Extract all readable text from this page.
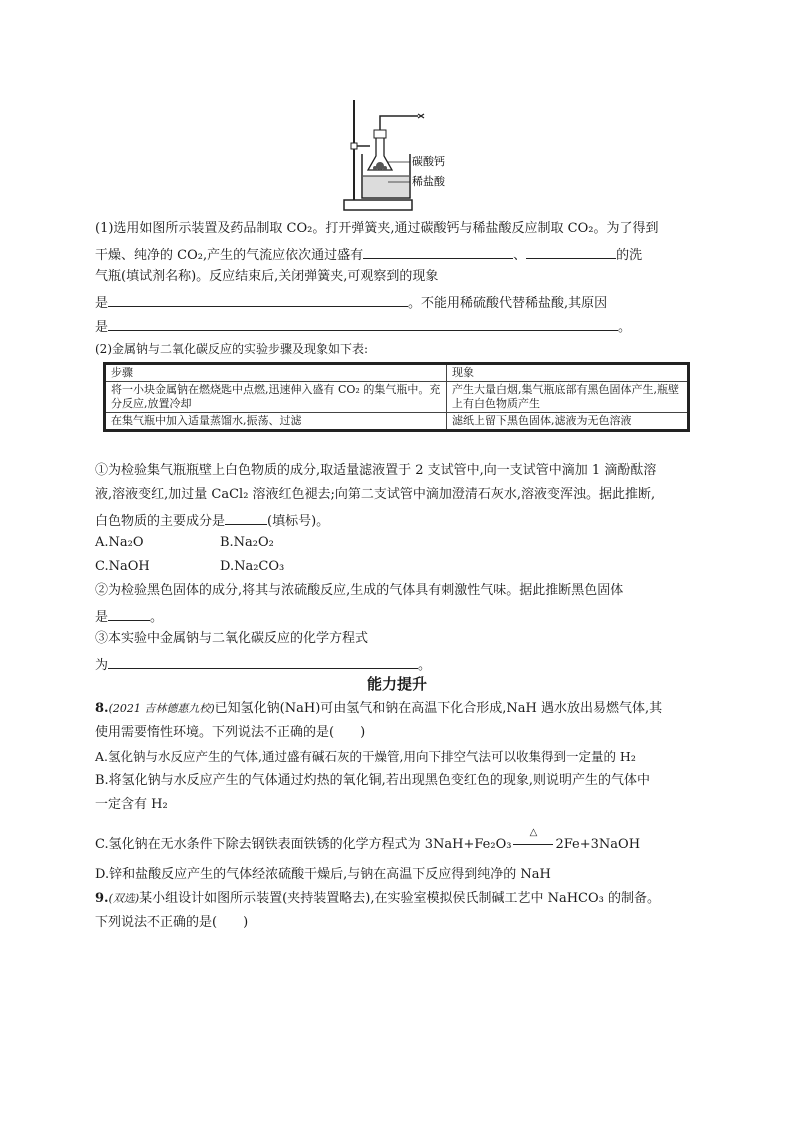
碳酸钙
稀盐酸
(1)选用如图所示装置及药品制取 CO₂。打开弹簧夹,通过碳酸钙与稀盐酸反应制取 CO₂。为了得到
干燥、纯净的 CO₂,产生的气流应依次通过盛有	、	的洗
气瓶(填试剂名称)。反应结束后,关闭弹簧夹,可观察到的现象
是	。不能用稀硫酸代替稀盐酸,其原因
是	。
(2)金属钠与二氧化碳反应的实验步骤及现象如下表:
步骤	现象
将一小块金属钠在燃烧匙中点燃,迅速伸入盛有 CO₂ 的集气瓶中。充分反应,放置冷却	产生大量白烟,集气瓶底部有黑色固体产生,瓶壁上有白色物质产生
在集气瓶中加入适量蒸馏水,振荡、过滤	滤纸上留下黑色固体,滤液为无色溶液
①为检验集气瓶瓶壁上白色物质的成分,取适量滤液置于 2 支试管中,向一支试管中滴加 1 滴酚酞溶
液,溶液变红,加过量 CaCl₂ 溶液红色褪去;向第二支试管中滴加澄清石灰水,溶液变浑浊。据此推断,
白色物质的主要成分是	(填标号)。
A.Na₂O	B.Na₂O₂
C.NaOH	D.Na₂CO₃
②为检验黑色固体的成分,将其与浓硫酸反应,生成的气体具有刺激性气味。据此推断黑色固体
是	。
③本实验中金属钠与二氧化碳反应的化学方程式
为	。
能力提升
8.(2021 吉林德惠九校)已知氢化钠(NaH)可由氢气和钠在高温下化合形成,NaH 遇水放出易燃气体,其
使用需要惰性环境。下列说法不正确的是(　　)
A.氢化钠与水反应产生的气体,通过盛有碱石灰的干燥管,用向下排空气法可以收集得到一定量的 H₂
B.将氢化钠与水反应产生的气体通过灼热的氧化铜,若出现黑色变红色的现象,则说明产生的气体中
一定含有 H₂
C.氢化钠在无水条件下除去钢铁表面铁锈的化学方程式为 3NaH+Fe₂O₃
△
2Fe+3NaOH
D.锌和盐酸反应产生的气体经浓硫酸干燥后,与钠在高温下反应得到纯净的 NaH
9.(双选)某小组设计如图所示装置(夹持装置略去),在实验室模拟侯氏制碱工艺中 NaHCO₃ 的制备。
下列说法不正确的是(　　)
